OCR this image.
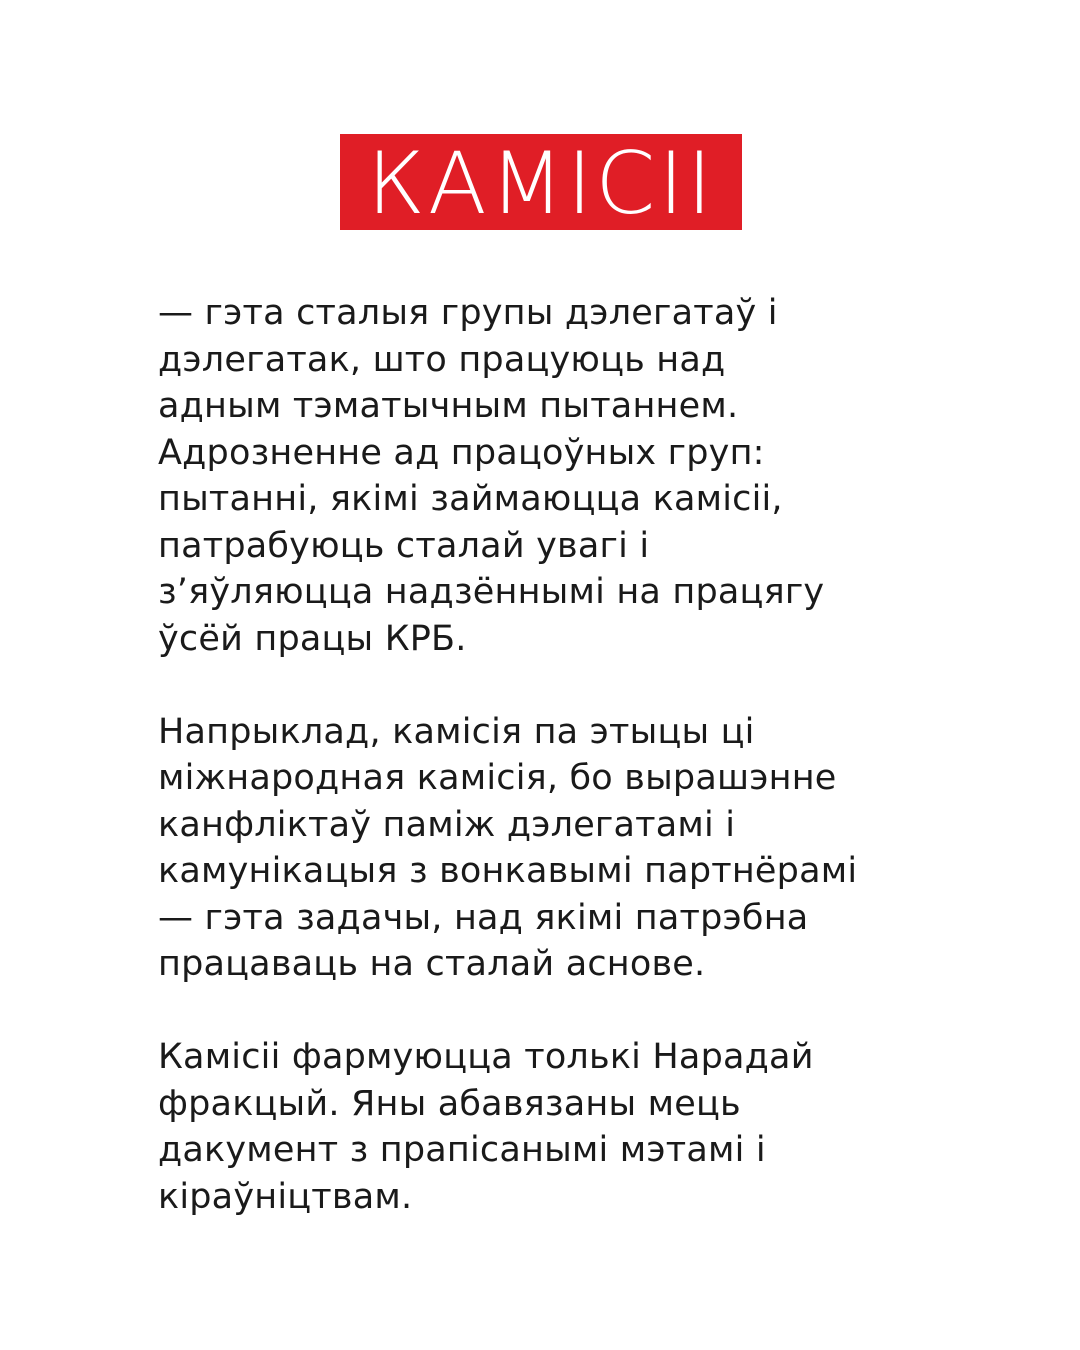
КАМІСІІ

— гэта сталыя групы дэлегатаў і
дэлегатак, што працуюць над
адным тэматычным пытаннем.
Адрозненне ад працоўных груп:
пытанні, якімі займаюцца камісіі,
патрабуюць сталай увагі і
з’яўляюцца надзённымі на працягу
ўсёй працы КРБ.

Напрыклад, камісія па этыцы ці
міжнародная камісія, бо вырашэнне
канфліктаў паміж дэлегатамі і
камунікацыя з вонкавымі партнёрамі
— гэта задачы, над якімі патрэбна
працаваць на сталай аснове.

Камісіі фармуюцца толькі Нарадай
фракцый. Яны абавязаны мець
дакумент з прапісанымі мэтамі і
кіраўніцтвам.
